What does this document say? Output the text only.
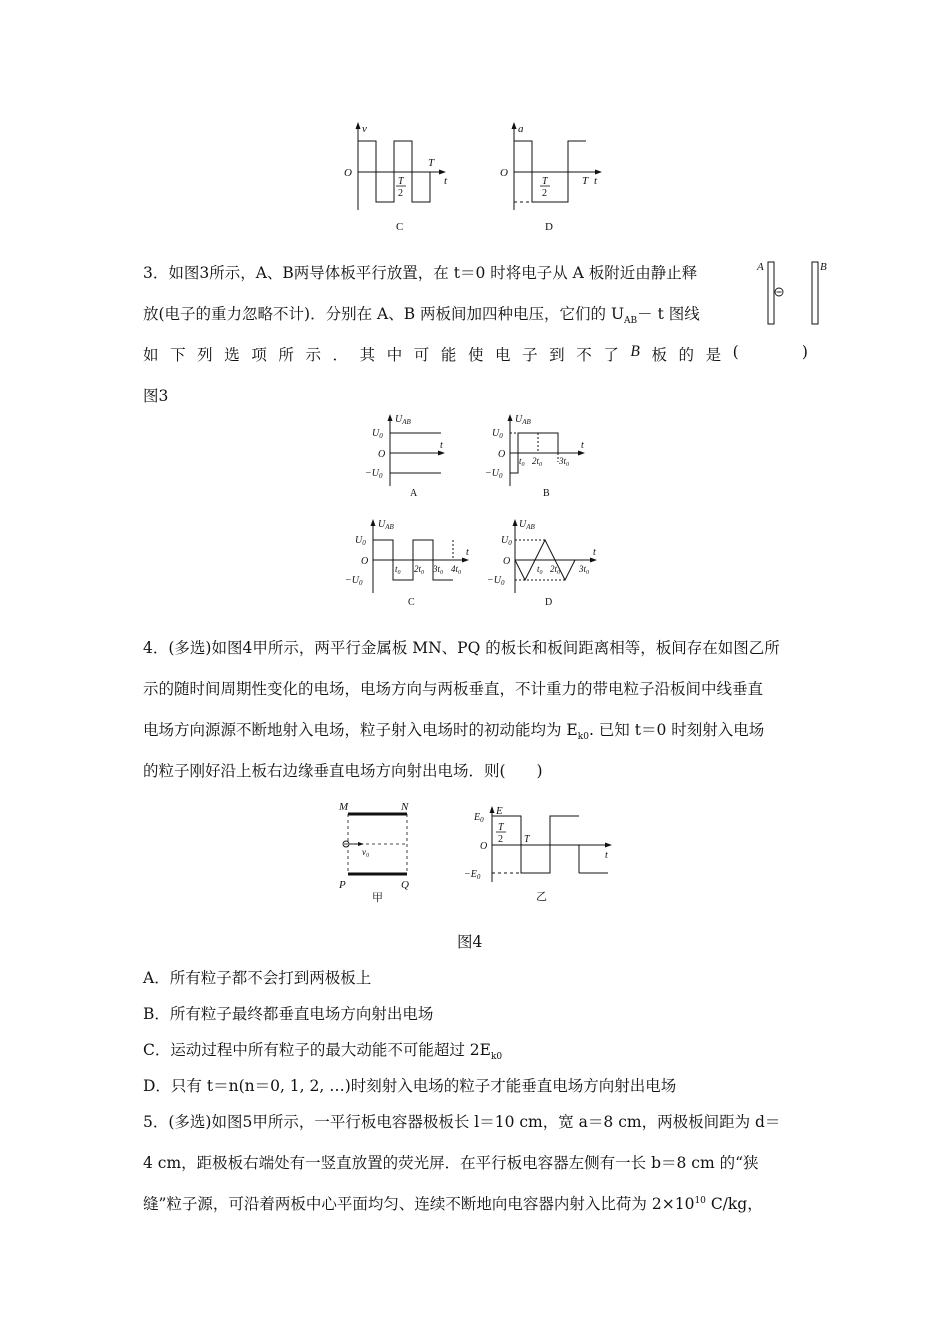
v
O
T
t
T
2
C
a
O
T t
T
2
D
3．如图3所示，A、B两导体板平行放置，在 t＝0 时将电子从 A 板附近由静止释
放(电子的重力忽略不计)．分别在 A、B 两板间加四种电压，它们的 $U_{AB}- t$ 图线
如 下 列 选 项 所 示 ． 其 中 可 能 使 电 子 到 不 了 B 板 的 是 (	)
图3
A	B
$U_{AB}$
$U_0$
O
$-U_0$
t
A
$U_{AB}$
$U_0$
O
$-U_0$
$t_0$ $2t_0$ $3t_0$
t
B
$U_{AB}$
$U_0$
O
$-U_0$
$t_0$ $2t_0$ $3t_0$ $4t_0$
t
C
$U_{AB}$
$U_0$
O
$-U_0$
$t_0$ $2t_0$ $3t_0$
t
D
4．(多选)如图4甲所示，两平行金属板 MN、PQ 的板长和板间距离相等，板间存在如图乙所
示的随时间周期性变化的电场，电场方向与两板垂直，不计重力的带电粒子沿板间中线垂直
电场方向源源不断地射入电场，粒子射入电场时的初动能均为 $E_{k0}$. 已知 t＝0 时刻射入电场
的粒子刚好沿上板右边缘垂直电场方向射出电场．则(　　)
M	N
P	Q
$v_0$
甲
E
$E_0$
O
$-E_0$
T
2 T
t
乙
图4
A．所有粒子都不会打到两极板上
B．所有粒子最终都垂直电场方向射出电场
C．运动过程中所有粒子的最大动能不可能超过 $2E_{k0}$
D．只有 t＝n(n＝0, 1, 2, …)时刻射入电场的粒子才能垂直电场方向射出电场
5．(多选)如图5甲所示，一平行板电容器极板长 l＝10 cm，宽 a＝8 cm，两极板间距为 d＝
4 cm，距极板右端处有一竖直放置的荧光屏．在平行板电容器左侧有一长 b＝8 cm 的“狭
缝”粒子源，可沿着两板中心平面均匀、连续不断地向电容器内射入比荷为 $2\times 10^{10}$ C/kg，
